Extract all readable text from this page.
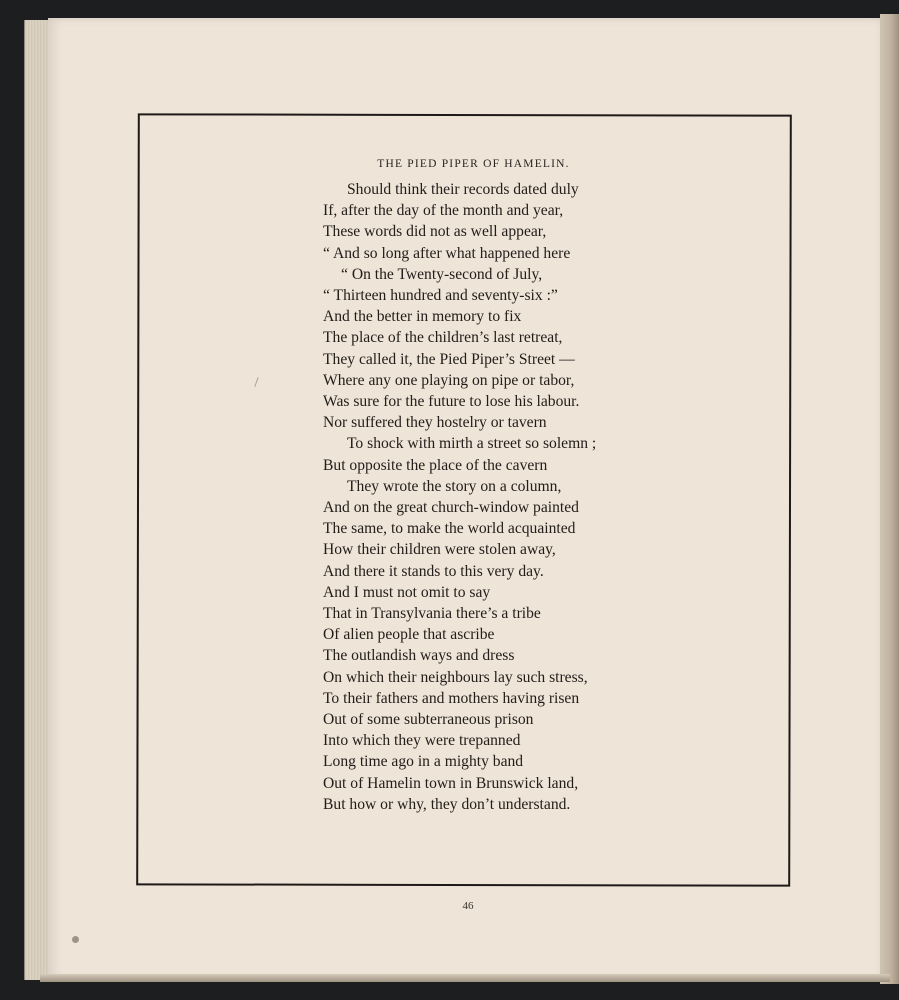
THE PIED PIPER OF HAMELIN.
Should think their records dated duly
If, after the day of the month and year,
These words did not as well appear,
“ And so long after what happened here
“ On the Twenty-second of July,
“ Thirteen hundred and seventy-six :”
And the better in memory to fix
The place of the children’s last retreat,
They called it, the Pied Piper’s Street —
Where any one playing on pipe or tabor,
Was sure for the future to lose his labour.
Nor suffered they hostelry or tavern
To shock with mirth a street so solemn ;
But opposite the place of the cavern
They wrote the story on a column,
And on the great church-window painted
The same, to make the world acquainted
How their children were stolen away,
And there it stands to this very day.
And I must not omit to say
That in Transylvania there’s a tribe
Of alien people that ascribe
The outlandish ways and dress
On which their neighbours lay such stress,
To their fathers and mothers having risen
Out of some subterraneous prison
Into which they were trepanned
Long time ago in a mighty band
Out of Hamelin town in Brunswick land,
But how or why, they don’t understand.
46
